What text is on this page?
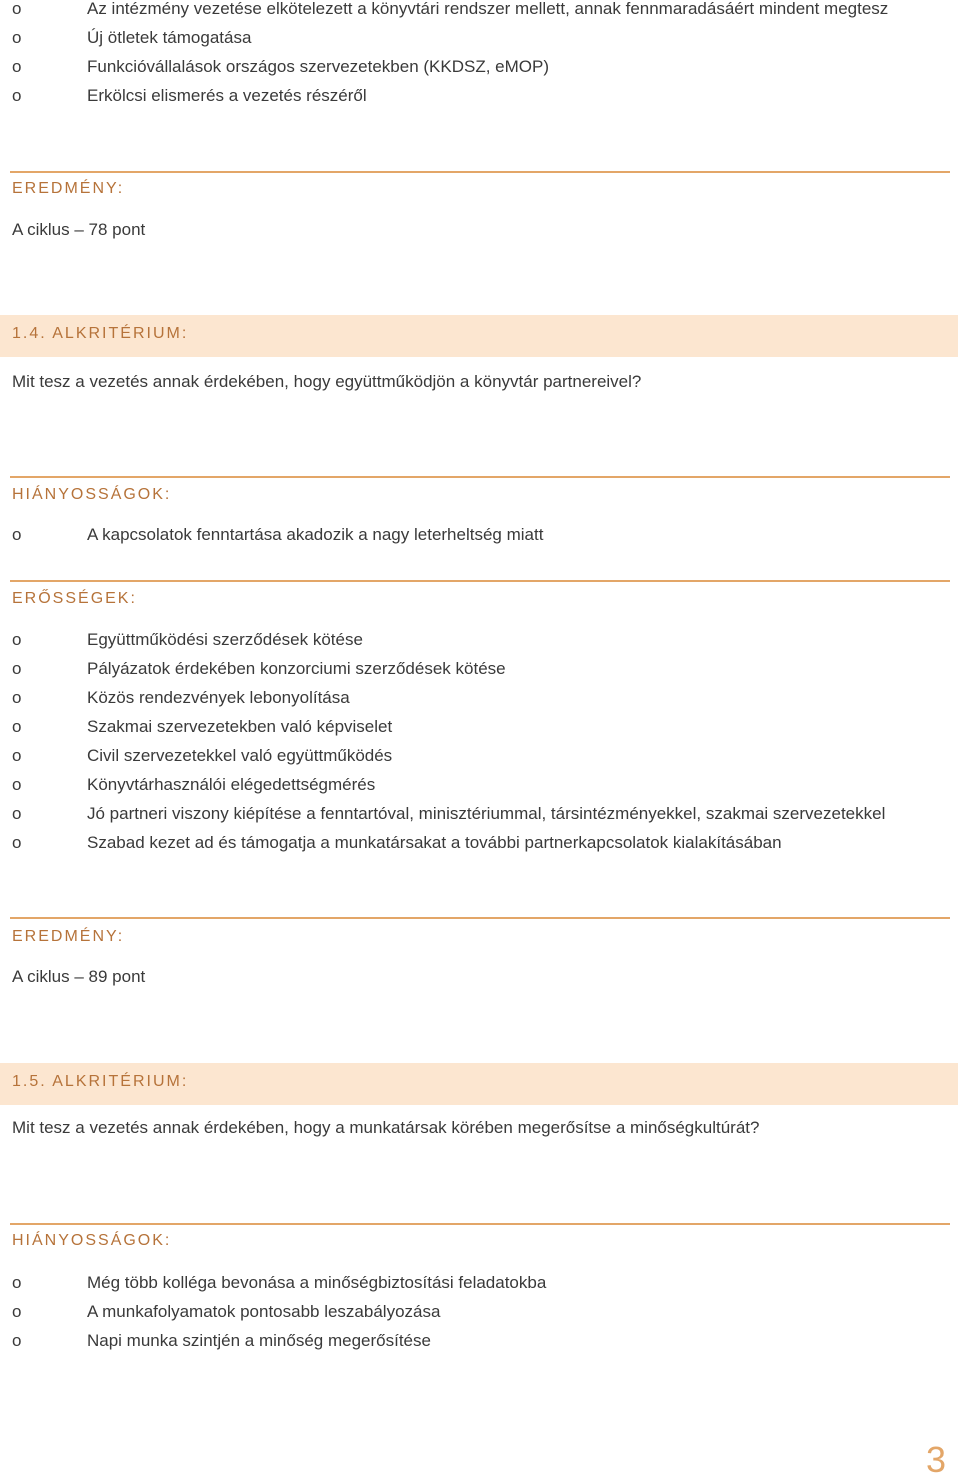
o	Az intézmény vezetése elkötelezett a könyvtári rendszer mellett, annak fennmaradásáért mindent megtesz
o	Új ötletek támogatása
o	Funkcióvállalások országos szervezetekben (KKDSZ, eMOP)
o	Erkölcsi elismerés a vezetés részéről
EREDMÉNY:
A ciklus – 78 pont
1.4. ALKRITÉRIUM:
Mit tesz a vezetés annak érdekében, hogy együttműködjön a könyvtár partnereivel?
HIÁNYOSSÁGOK:
o	A kapcsolatok fenntartása akadozik a nagy leterheltség miatt
ERŐSSÉGEK:
o	Együttműködési szerződések kötése
o	Pályázatok érdekében konzorciumi szerződések kötése
o	Közös rendezvények lebonyolítása
o	Szakmai szervezetekben való képviselet
o	Civil szervezetekkel való együttműködés
o	Könyvtárhasználói elégedettségmérés
o	Jó partneri viszony kiépítése a fenntartóval, minisztériummal, társintézményekkel, szakmai szervezetekkel
o	Szabad kezet ad és támogatja a munkatársakat a további partnerkapcsolatok kialakításában
EREDMÉNY:
A ciklus – 89 pont
1.5. ALKRITÉRIUM:
Mit tesz a vezetés annak érdekében, hogy a munkatársak körében megerősítse a minőségkultúrát?
HIÁNYOSSÁGOK:
o	Még több kolléga bevonása a minőségbiztosítási feladatokba
o	A munkafolyamatok pontosabb leszabályozása
o	Napi munka szintjén a minőség megerősítése
3
